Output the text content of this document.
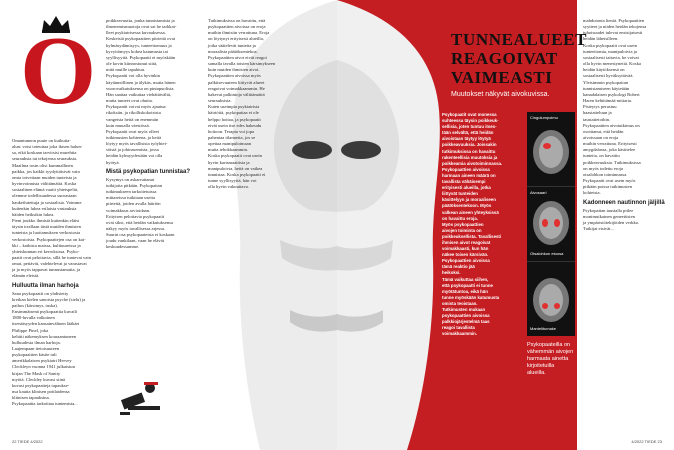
O

Omantunnon puute on kutkutta-
alun: voisi toteuttaa joka ikisen halun-
sa, eikä koskaan tarvitsisi murehtia
seurauksia tai tekojensa seurauksia.
Maailma tosin olisi kummallinen
paikka, jos kaikki tyydyttäisivät vain
omia toiveitaan muiden tunteista ja
hyvinvoinnista välittämättä. Koska
sosiaalinen elämä vaatii yhteispeliä,
olemme todellisuudessa suorastaan
haukeilutettuja ja sosiaalisia. Voimme
kuitenkin lukea erilaisia vastauksia
häiden heiksikin lukea.
Pieni joukko ihmisiä kuitenkin eläisi
täysin irrallaan tästä muiden ihmisten
tunteista ja luottamuksen verkostosta
verkostoista. Psykopaattejen osa on kai-
kki – kaikista maissa, kulttuureissa ja
yhteiskunnan eri kerroksissa. Psyko-
paatit ovat pelottavia, sillä he tuntevat vain
omat, pettävät, valehtelevat ja varastavat
ja ja myös tappavat tunnustamatta, ja
elämän eleistä.

Hulluutta ilman harhoja

Sana psykopaatti on yhdistetty
kreikan kielen sanoista psyche (sielu) ja
pathos (kärsimys, tuska).
Ensimmäisenä psykopaattia kuvaili
1800-luvulla valkoinen
itsenäisyyden kansainvälinen lääkäri
Philippe Pinel, joka
kehitti näkemyksen kouraantuneen
hulluudesta ilman harhoja.
Laajempaan tietoisuuteen
psykopaattien käsite tuli
amerikkalaisen psykiatri Hervey
Cleckleyn vuonna 1941 julkaistun
kirjan The Mask of Sanity
myötä. Cleckley kuvasi siinä
kuvasi psykopaatteja tapaukse-
nsa kautta klinisen potilaidensa
kliinisen tapauksina.
Psykopaattia tarkoittaa tuntemista...

poikkeavuutta, jonka tunnistamista ja
ilmenemismuotoja ovat sai he tarkkai-
lleet psykiatrisessa kuvauksessa.
Keskeisiä psykopaattien piirteitä ovat
kylmäsydämisyys, tunteettomuus ja
kyvyttömyys kokea katumusta tai
syyllisyyttä. Psykopaatti ei myöskään
ole kovin kiinnostunut siitä,
mitä muille tapahtuu.
Psykopaatti voi olla hyvinkin
käytännöllinen ja älykäs, mutta hänen
vuorovaikutuksensa on pintapuolista.
Hän saattaa vaikuttaa viehättävältä,
mutta tunteet ovat ohuita.
Psykopaatit voivat myös ajautua
rikoksiin, ja rikolliskokoisista
vangeista heitä on enemmän
kuin muualla väestössä.

Psykopaatit ovat myös olleet
tutkimusten kohteena, ja heitä
löytyy myös tavallisista työyhtei-
söistä ja johtoasemista, jossa
heidän kylmyydestään voi olla
hyötyä.

Mistä psykopatian tunnistaa?

Kysymys on askarruttanut
tutkijoita pitkään. Psykopatian
tutkimukseen tarkoitetuissa
mittareissa tutkitaan useita
piirteitä, joiden avulla häiriön
voimakkuus arvioidaan.
Erityisen pelottavia psykopaatit
ovat siksi, että heidän vaikutuksensa
näkyy myös tavallisessa arjessa.
Suurin osa psykopaateista ei koskaan
joudu vankilaan, vaan he elävät
keskuudessamme.

Tutkimuksissa on havaittu, että
psykopaattien aivoissa on eroja
muihin ihmisiin verrattuna. Eroja
on löytynyt erityisesti alueilla,
jotka säätelevät tunteita ja
moraalista päätöksentekoa.
Psykopaattien aivot eivät reagoi
samalla tavalla toisten kärsimykseen
kuin muiden ihmisten aivot.
Psykopaattien aivoissa myös
palkitsevuuteen liittyvät alueet
reagoivat voimakkaammin. He
hakevat palkintoja välittämättä
seurauksista.

Kuten useimpia psykiatrisia
häiriöitä, psykopatiaa ei ole
helppo hoitaa, ja psykopaatit
eivät usein itse edes hakeudu
hoitoon. Terapia voi jopa
pahentaa tilannetta, jos se
opettaa manipuloimaan
muita tehokkaammin.
Koska psykopaatit ovat usein
hyvin karismaattisia ja
manipuloivia, heitä on vaikea
tunnistaa. Koska psykopaatti ei
tunne syyllisyyttä, hän voi
olla hyvin vakuuttava.

22 TIEDE 4/2022
TUNNEALUEET
REAGOIVAT
VAIMEASTI
Muutokset näkyvät aivokuvissa.
Psykopaatit ovat monessa
suhteessa täysin poikkeuk-
sellisia, joten tuntuu itses-
tään selvältä, että heidän
aivoistaan täytyy löytyä
poikkeavuuksia. Joissakin
tutkimuksissa on havaittu
rakenteellisia muutoksia ja
poikkeamia aivotoiminnassa.
Psykopaattien aivoissa
harmaan aineen määrä on
tavallista vähäisempi
erityisesti alueilla, jotka
liittyvät tunteiden
käsittelyyn ja moraaliseen
päätöksentekoon. Myös
valkean aineen yhteyksissä
on havaittu eroja.
Myös psykopaattien
aivojen toiminta on
poikkeuksellista. Tavallisesti
ihmisen aivot reagoivat
voimakkaasti, kun hän
näkee toisen kärsivän.
Psykopaattien aivoissa
tämä reaktio jää
heikoksi.
Tämä vaikuttaa siihen,
että psykopaatti ei tunne
myötätuntoa, eikä hän
tunne myöskään katumusta
omista teoistaan.
Tutkimusten mukaan
psykopaattien aivoissa
palkkiojärjestelmä taas
reagoi tavallista
voimakkaammin.
Cingulumpoimu
Aivosaari
Otsalohkon etuosa
Mantelitumake
Psykopaateilla on
vähemmän aivojen
harmaata ainetta
kirjoitetuilla
alueilla.

mahdotonta lieniä. Psykopaattien
syytteet ja niiden heidän tekojensa
tuhoisuudet tulevat ensisijaisesti
heidän läheisilleen.
Koska psykopaatit ovat usein
tunteettomia, manipuloivia ja
sosiaalisesti taitavia, he voivat
olla hyvin menestyneitä. Koska
heidän käytöksensä on
sosiaalisesti hyväksyttävää.
Yleisimmin psykopatian
tunnistamiseen käytetään
kanadalaisen psykologi Robert
Haren kehittämää mittaria.
Pisteytys perustuu
haastatteluun ja
taustatietoihin.

Psykopaattien aivotutkimus on
osoittanut, että heidän
aivoissaan on eroja
muihin verrattuna. Erityisesti
amygdalassa, joka käsittelee
tunteita, on havaittu
poikkeavuuksia. Tutkimuksissa
on myös todettu eroja
otsalohkon toiminnassa.

Psykopaatit ovat usein myös
pitkään poissa tutkimusten
kohteista.

Kadonneen nautinnon jäljillä

Psykopatian taustalla piilee
monimutkainen geneettisten
ja ympäristötekijöiden verkko.
Tutkijat etsivät...

4/2022 TIEDE 23
